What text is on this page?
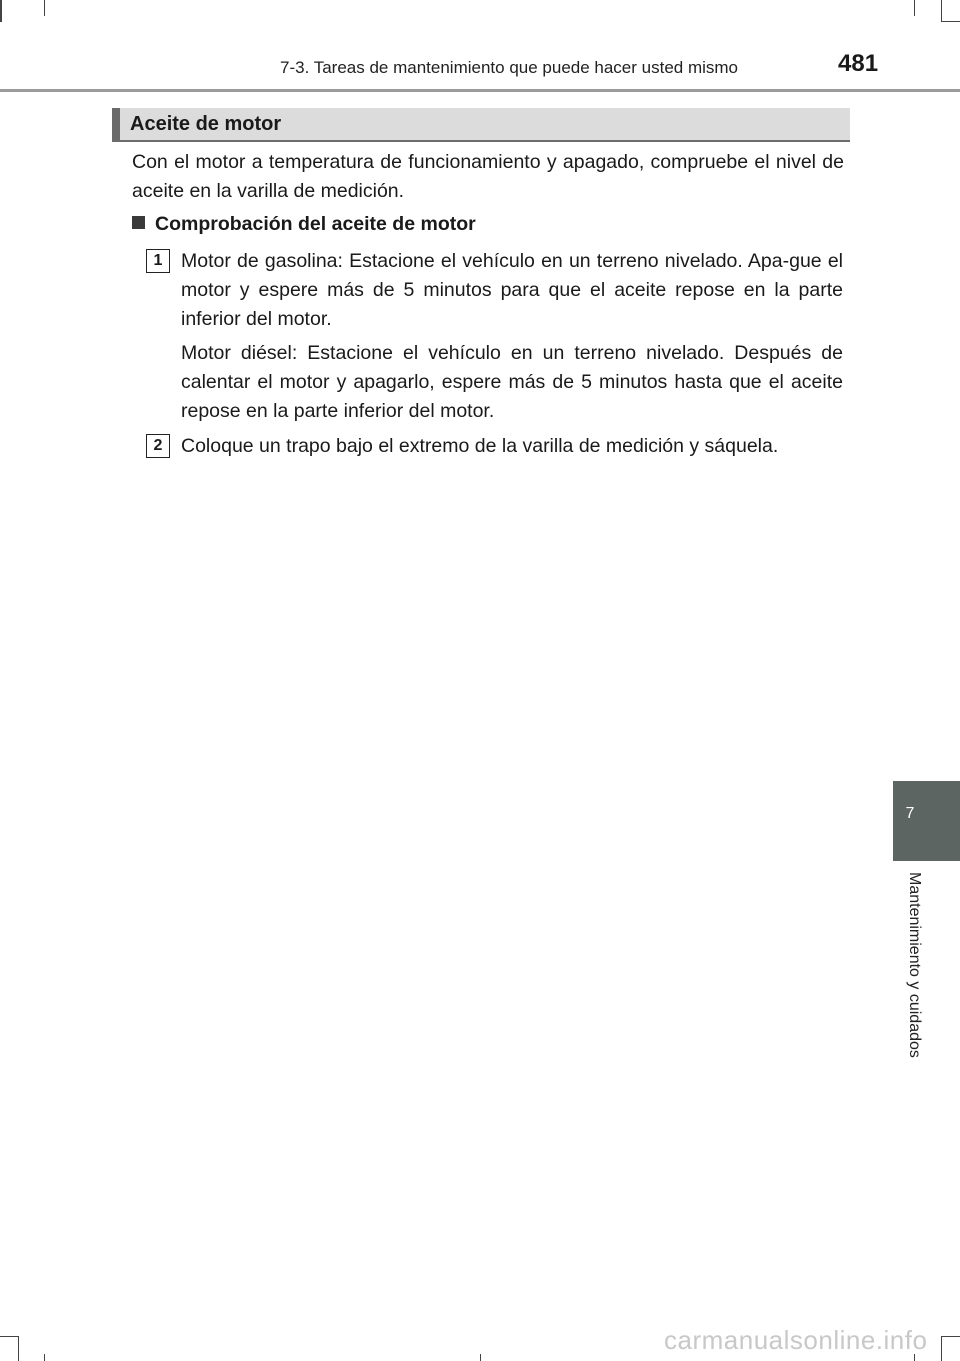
7-3. Tareas de mantenimiento que puede hacer usted mismo	481
Aceite de motor

Con el motor a temperatura de funcionamiento y apagado, compruebe el nivel de aceite en la varilla de medición.

Comprobación del aceite de motor
1 Motor de gasolina: Estacione el vehículo en un terreno nivelado. Apa-gue el motor y espere más de 5 minutos para que el aceite repose en la parte inferior del motor.

Motor diésel: Estacione el vehículo en un terreno nivelado. Después de calentar el motor y apagarlo, espere más de 5 minutos hasta que el aceite repose en la parte inferior del motor.

2 Coloque un trapo bajo el extremo de la varilla de medición y sáquela.

7
Mantenimiento y cuidados
carmanualsonline.info
